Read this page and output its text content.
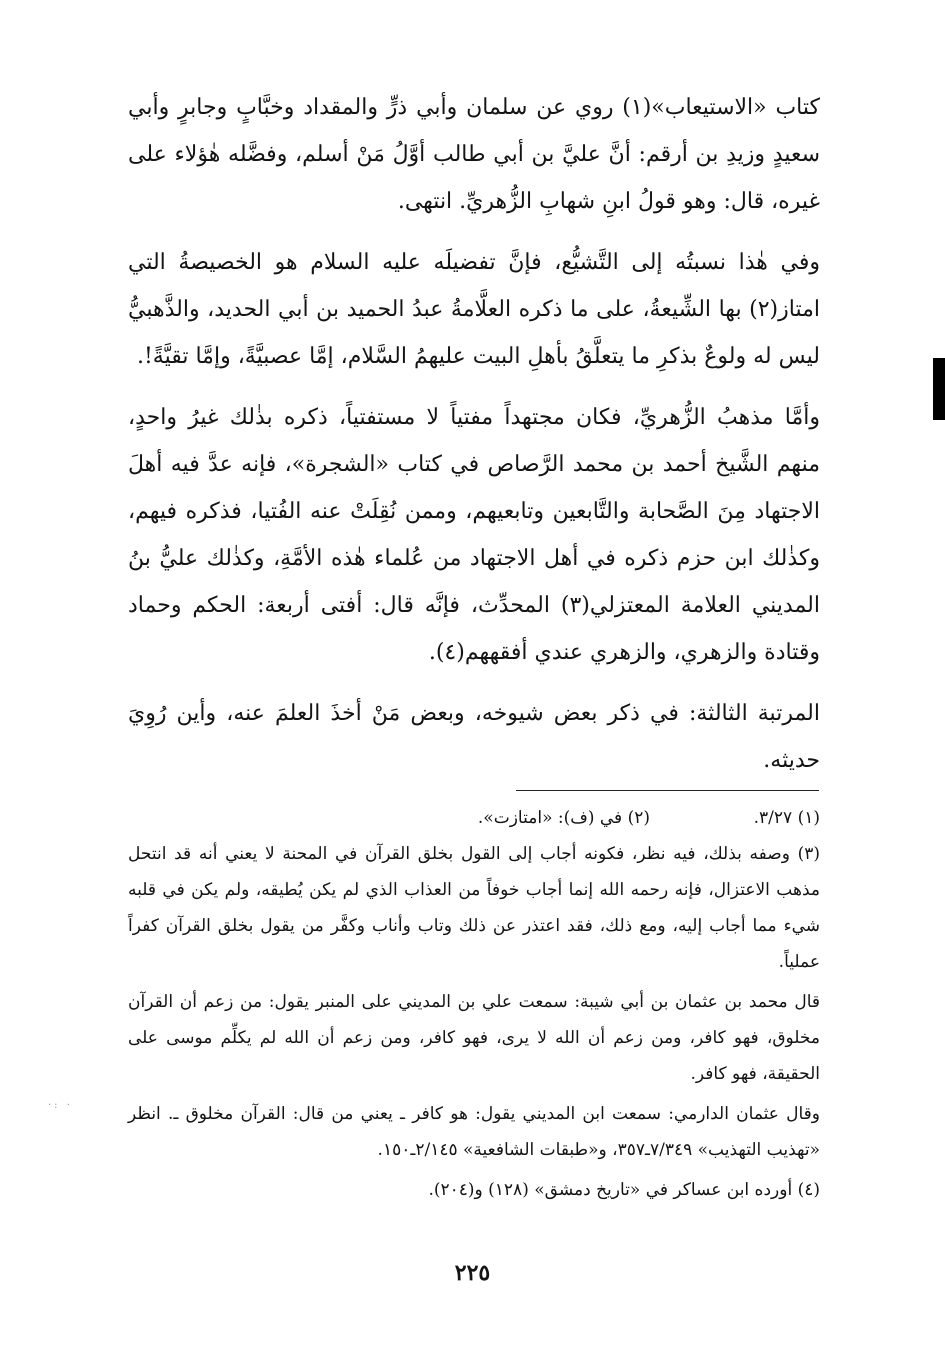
كتاب «الاستيعاب»(١) روي عن سلمان وأبي ذرٍّ والمقداد وخبَّابٍ وجابرٍ وأبي سعيدٍ وزيدِ بن أرقم: أنَّ عليَّ بن أبي طالب أوَّلُ مَنْ أسلم، وفضَّله هٰؤلاء على غيره، قال: وهو قولُ ابنِ شهابِ الزُّهريِّ. انتهى.

وفي هٰذا نسبتُه إلى التَّشيُّع، فإنَّ تفضيلَه عليه السلام هو الخصيصةُ التي امتاز(٢) بها الشِّيعةُ، على ما ذكره العلَّامةُ عبدُ الحميد بن أبي الحديد، والذَّهبيُّ ليس له ولوعٌ بذكرِ ما يتعلَّقُ بأهلِ البيت عليهمُ السَّلام، إمَّا عصبيَّةً، وإمَّا تقيَّةً!.

وأمَّا مذهبُ الزُّهريِّ، فكان مجتهداً مفتياً لا مستفتياً، ذكره بذٰلك غيرُ واحدٍ، منهم الشَّيخ أحمد بن محمد الرَّصاص في كتاب «الشجرة»، فإنه عدَّ فيه أهلَ الاجتهاد مِنَ الصَّحابة والتَّابعين وتابعيهم، وممن نُقِلَتْ عنه الفُتيا، فذكره فيهم، وكذٰلك ابن حزم ذكره في أهل الاجتهاد من عُلماء هٰذه الأمَّةِ، وكذٰلك عليُّ بنُ المديني العلامة المعتزلي(٣) المحدِّث، فإنَّه قال: أفتى أربعة: الحكم وحماد وقتادة والزهري، والزهري عندي أفقههم(٤).

المرتبة الثالثة: في ذكر بعض شيوخه، وبعض مَنْ أخذَ العلمَ عنه، وأين رُوِيَ حديثه.

(١) ٣/٢٧.
(٢) في (ف): «امتازت».

(٣) وصفه بذلك، فيه نظر، فكونه أجاب إلى القول بخلق القرآن في المحنة لا يعني أنه قد انتحل مذهب الاعتزال، فإنه رحمه الله إنما أجاب خوفاً من العذاب الذي لم يكن يُطيقه، ولم يكن في قلبه شيء مما أجاب إليه، ومع ذلك، فقد اعتذر عن ذلك وتاب وأناب وكفَّر من يقول بخلق القرآن كفراً عملياً.

قال محمد بن عثمان بن أبي شيبة: سمعت علي بن المديني على المنبر يقول: من زعم أن القرآن مخلوق، فهو كافر، ومن زعم أن الله لا يرى، فهو كافر، ومن زعم أن الله لم يكلِّم موسى على الحقيقة، فهو كافر.

وقال عثمان الدارمي: سمعت ابن المديني يقول: هو كافر ـ يعني من قال: القرآن مخلوق ـ. انظر «تهذيب التهذيب» ٧/٣٤٩ـ٣٥٧، و«طبقات الشافعية» ٢/١٤٥ـ١٥٠.

(٤) أورده ابن عساكر في «تاريخ دمشق» (١٢٨) و(٢٠٤).

٢٢٥
·: ·
